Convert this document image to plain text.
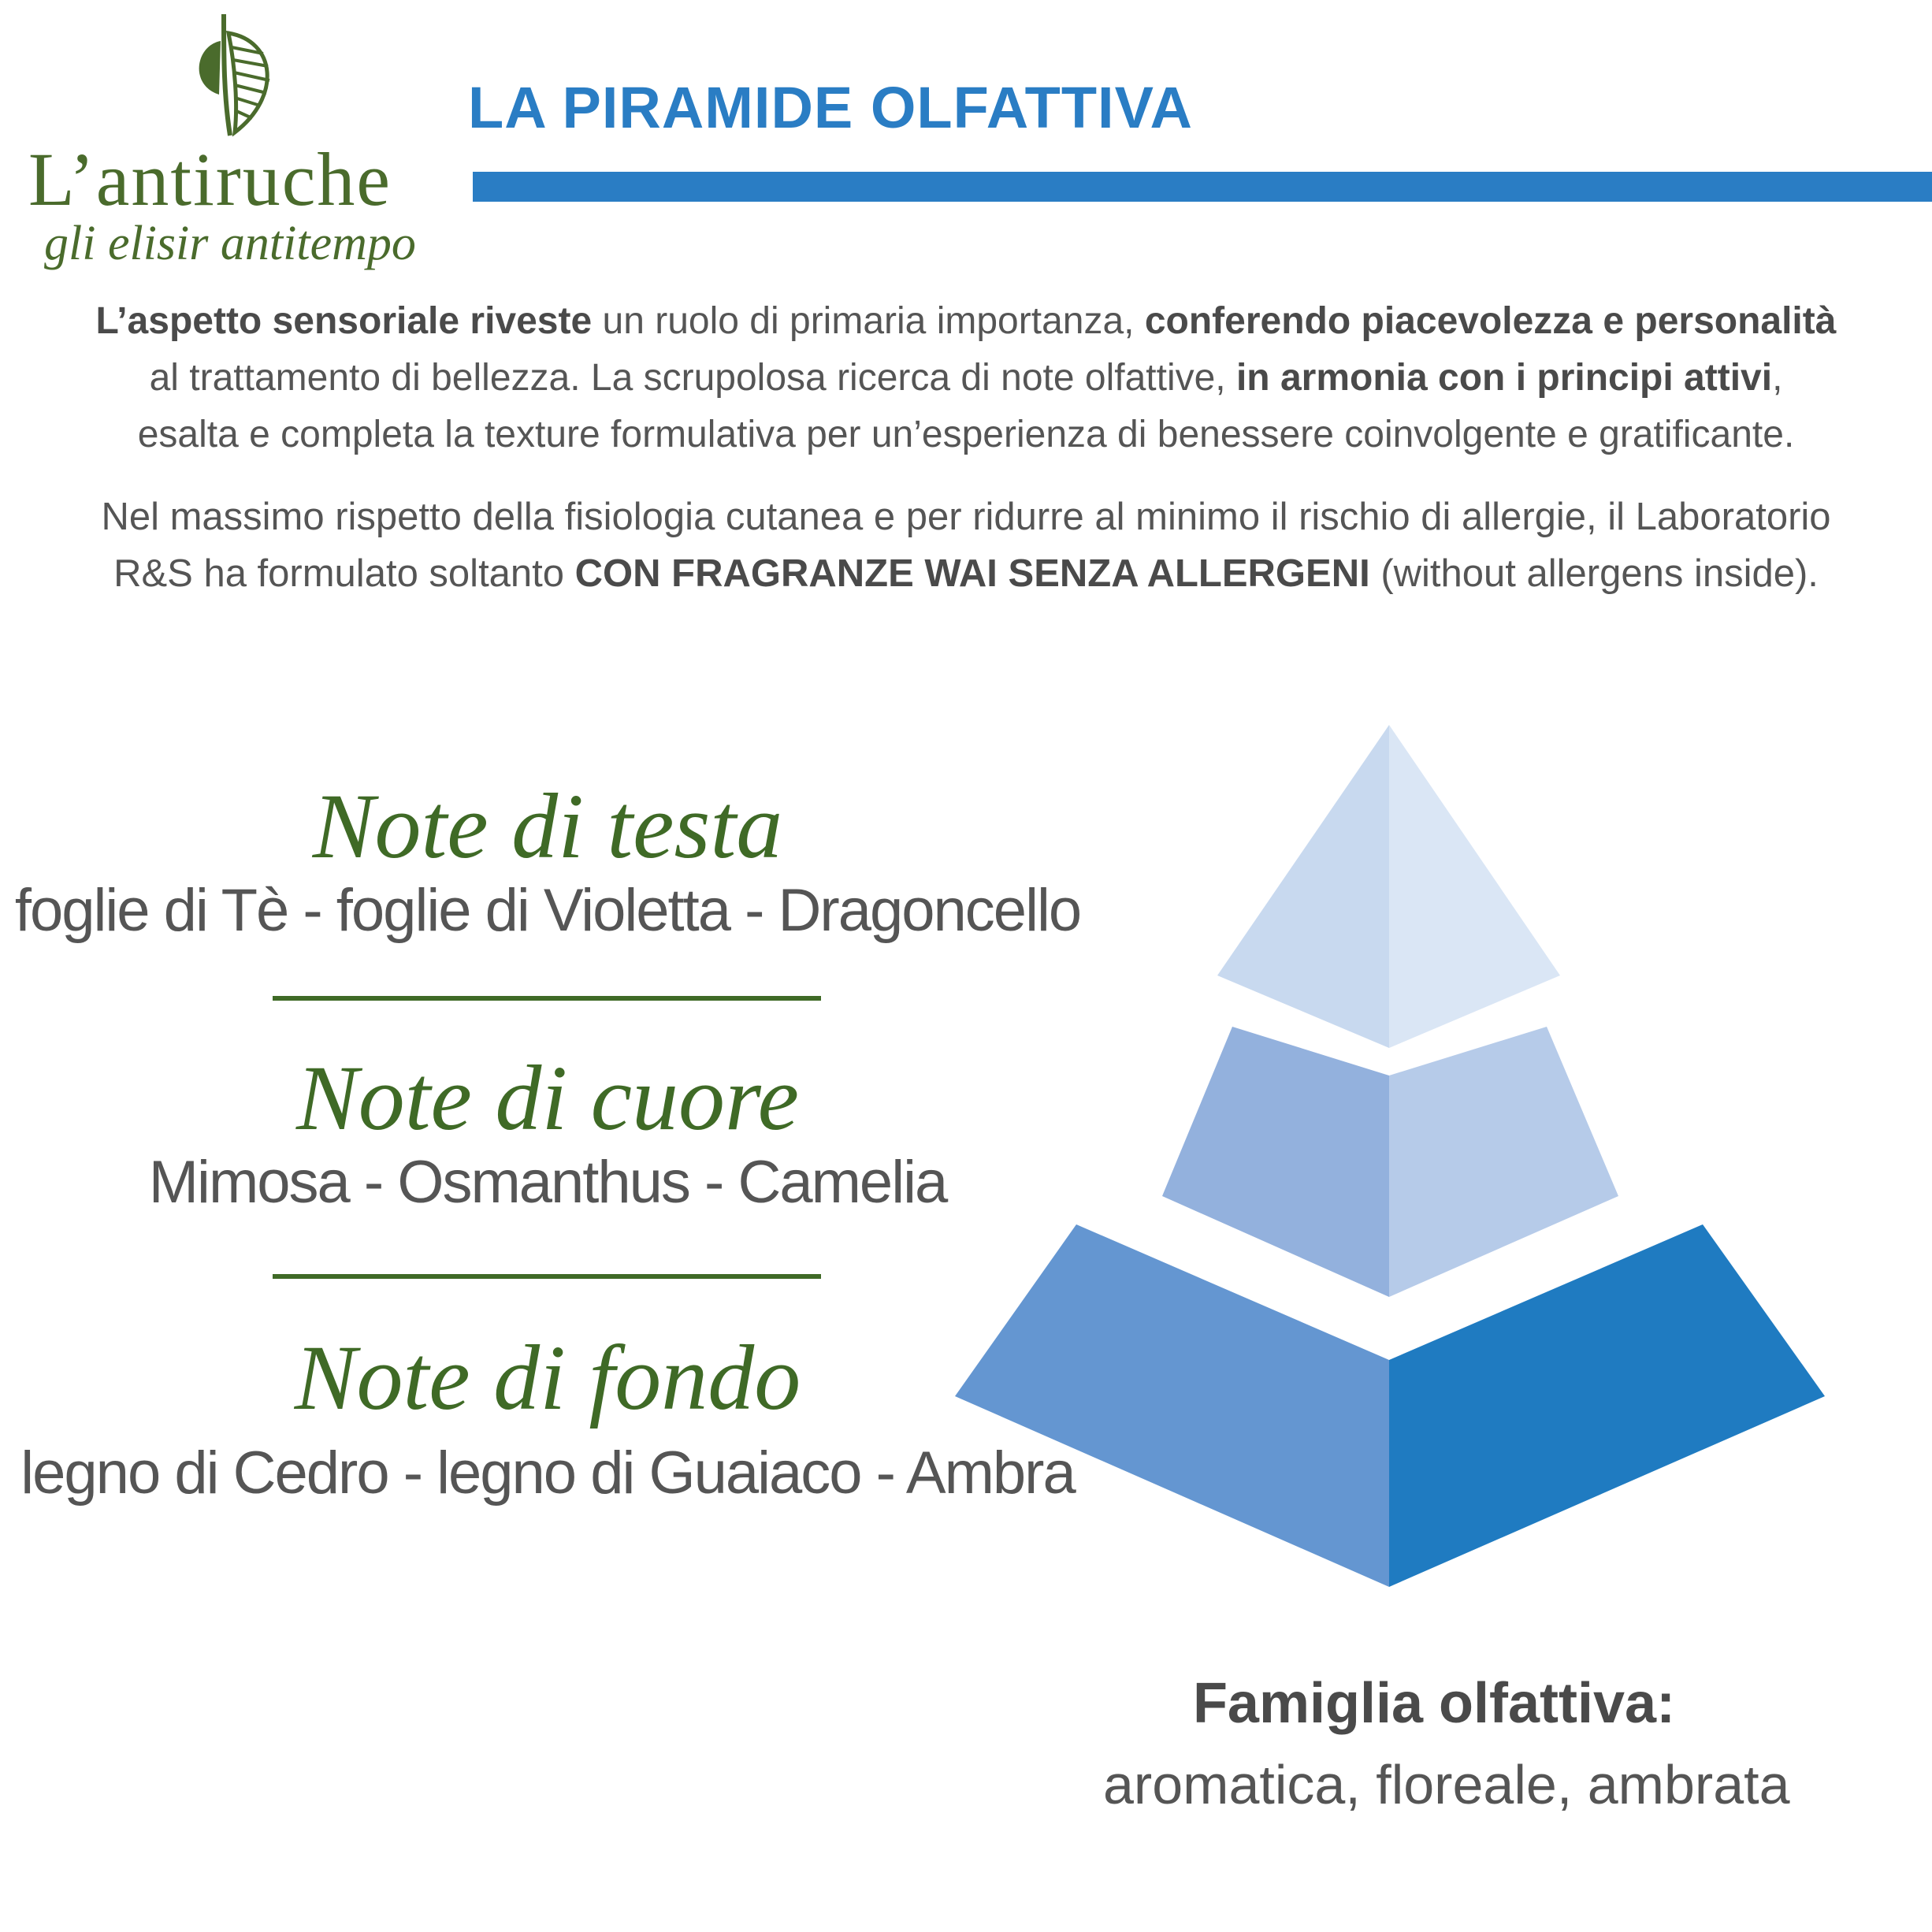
L’antiruche
gli elisir antitempo
LA PIRAMIDE OLFATTIVA
L’aspetto sensoriale riveste un ruolo di primaria importanza, conferendo piacevolezza e personalità al trattamento di bellezza. La scrupolosa ricerca di note olfattive, in armonia con i principi attivi, esalta e completa la texture formulativa per un’esperienza di benessere coinvolgente e gratificante.
Nel massimo rispetto della fisiologia cutanea e per ridurre al minimo il rischio di allergie, il Laboratorio R&S ha formulato soltanto CON FRAGRANZE WAI SENZA ALLERGENI (without allergens inside).
Note di testa
foglie di Tè - foglie di Violetta - Dragoncello
Note di cuore
Mimosa - Osmanthus - Camelia
Note di fondo
legno di Cedro - legno di Guaiaco - Ambra
Famiglia olfattiva:
aromatica, floreale, ambrata
